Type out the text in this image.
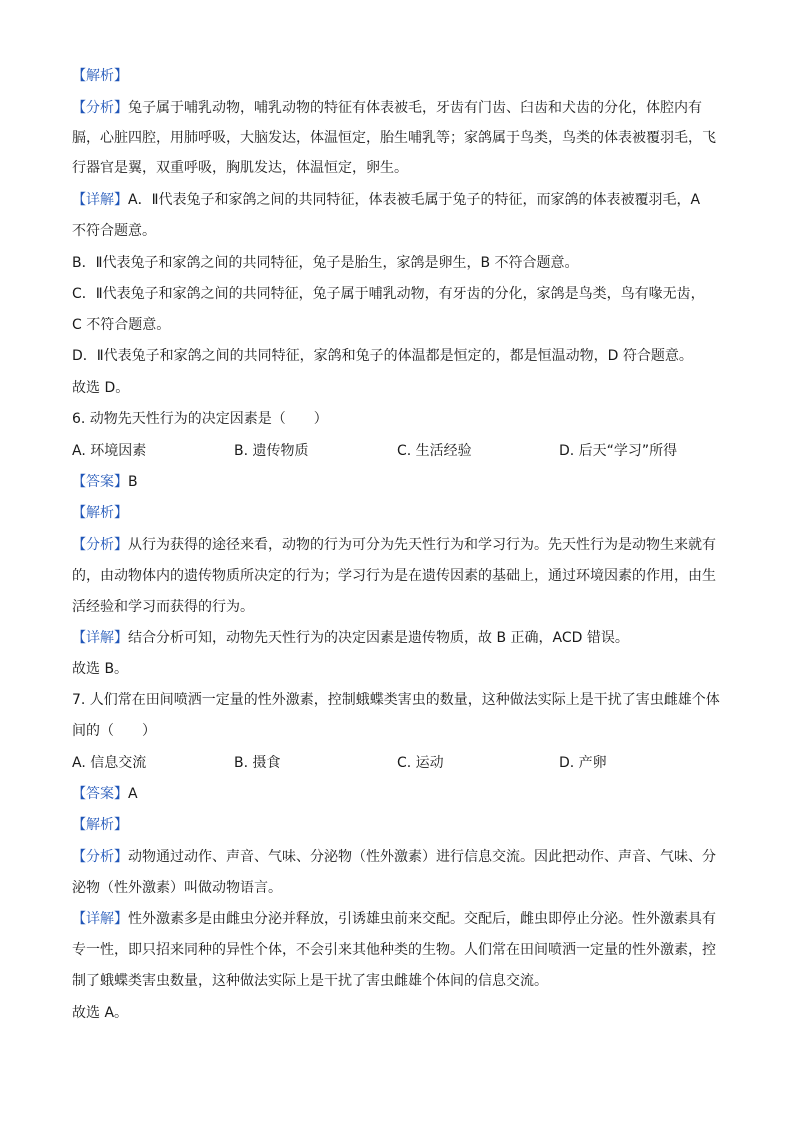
【解析】
【分析】兔子属于哺乳动物，哺乳动物的特征有体表被毛，牙齿有门齿、臼齿和犬齿的分化，体腔内有
膈，心脏四腔，用肺呼吸，大脑发达，体温恒定，胎生哺乳等；家鸽属于鸟类，鸟类的体表被覆羽毛，飞
行器官是翼，双重呼吸，胸肌发达，体温恒定，卵生。
【详解】A．Ⅱ代表兔子和家鸽之间的共同特征，体表被毛属于兔子的特征，而家鸽的体表被覆羽毛，A
不符合题意。
B．Ⅱ代表兔子和家鸽之间的共同特征，兔子是胎生，家鸽是卵生，B 不符合题意。
C．Ⅱ代表兔子和家鸽之间的共同特征，兔子属于哺乳动物，有牙齿的分化，家鸽是鸟类，鸟有喙无齿，
C 不符合题意。
D．Ⅱ代表兔子和家鸽之间的共同特征，家鸽和兔子的体温都是恒定的，都是恒温动物，D 符合题意。
故选 D。
6. 动物先天性行为的决定因素是（　　）
A. 环境因素	B. 遗传物质	C. 生活经验	D. 后天“学习”所得
【答案】B
【解析】
【分析】从行为获得的途径来看，动物的行为可分为先天性行为和学习行为。先天性行为是动物生来就有
的，由动物体内的遗传物质所决定的行为；学习行为是在遗传因素的基础上，通过环境因素的作用，由生
活经验和学习而获得的行为。
【详解】结合分析可知，动物先天性行为的决定因素是遗传物质，故 B 正确，ACD 错误。
故选 B。
7. 人们常在田间喷洒一定量的性外激素，控制蛾蝶类害虫的数量，这种做法实际上是干扰了害虫雌雄个体
间的（　　）
A. 信息交流	B. 摄食	C. 运动	D. 产卵
【答案】A
【解析】
【分析】动物通过动作、声音、气味、分泌物（性外激素）进行信息交流。因此把动作、声音、气味、分
泌物（性外激素）叫做动物语言。
【详解】性外激素多是由雌虫分泌并释放，引诱雄虫前来交配。交配后，雌虫即停止分泌。性外激素具有
专一性，即只招来同种的异性个体，不会引来其他种类的生物。人们常在田间喷洒一定量的性外激素，控
制了蛾蝶类害虫数量，这种做法实际上是干扰了害虫雌雄个体间的信息交流。
故选 A。
